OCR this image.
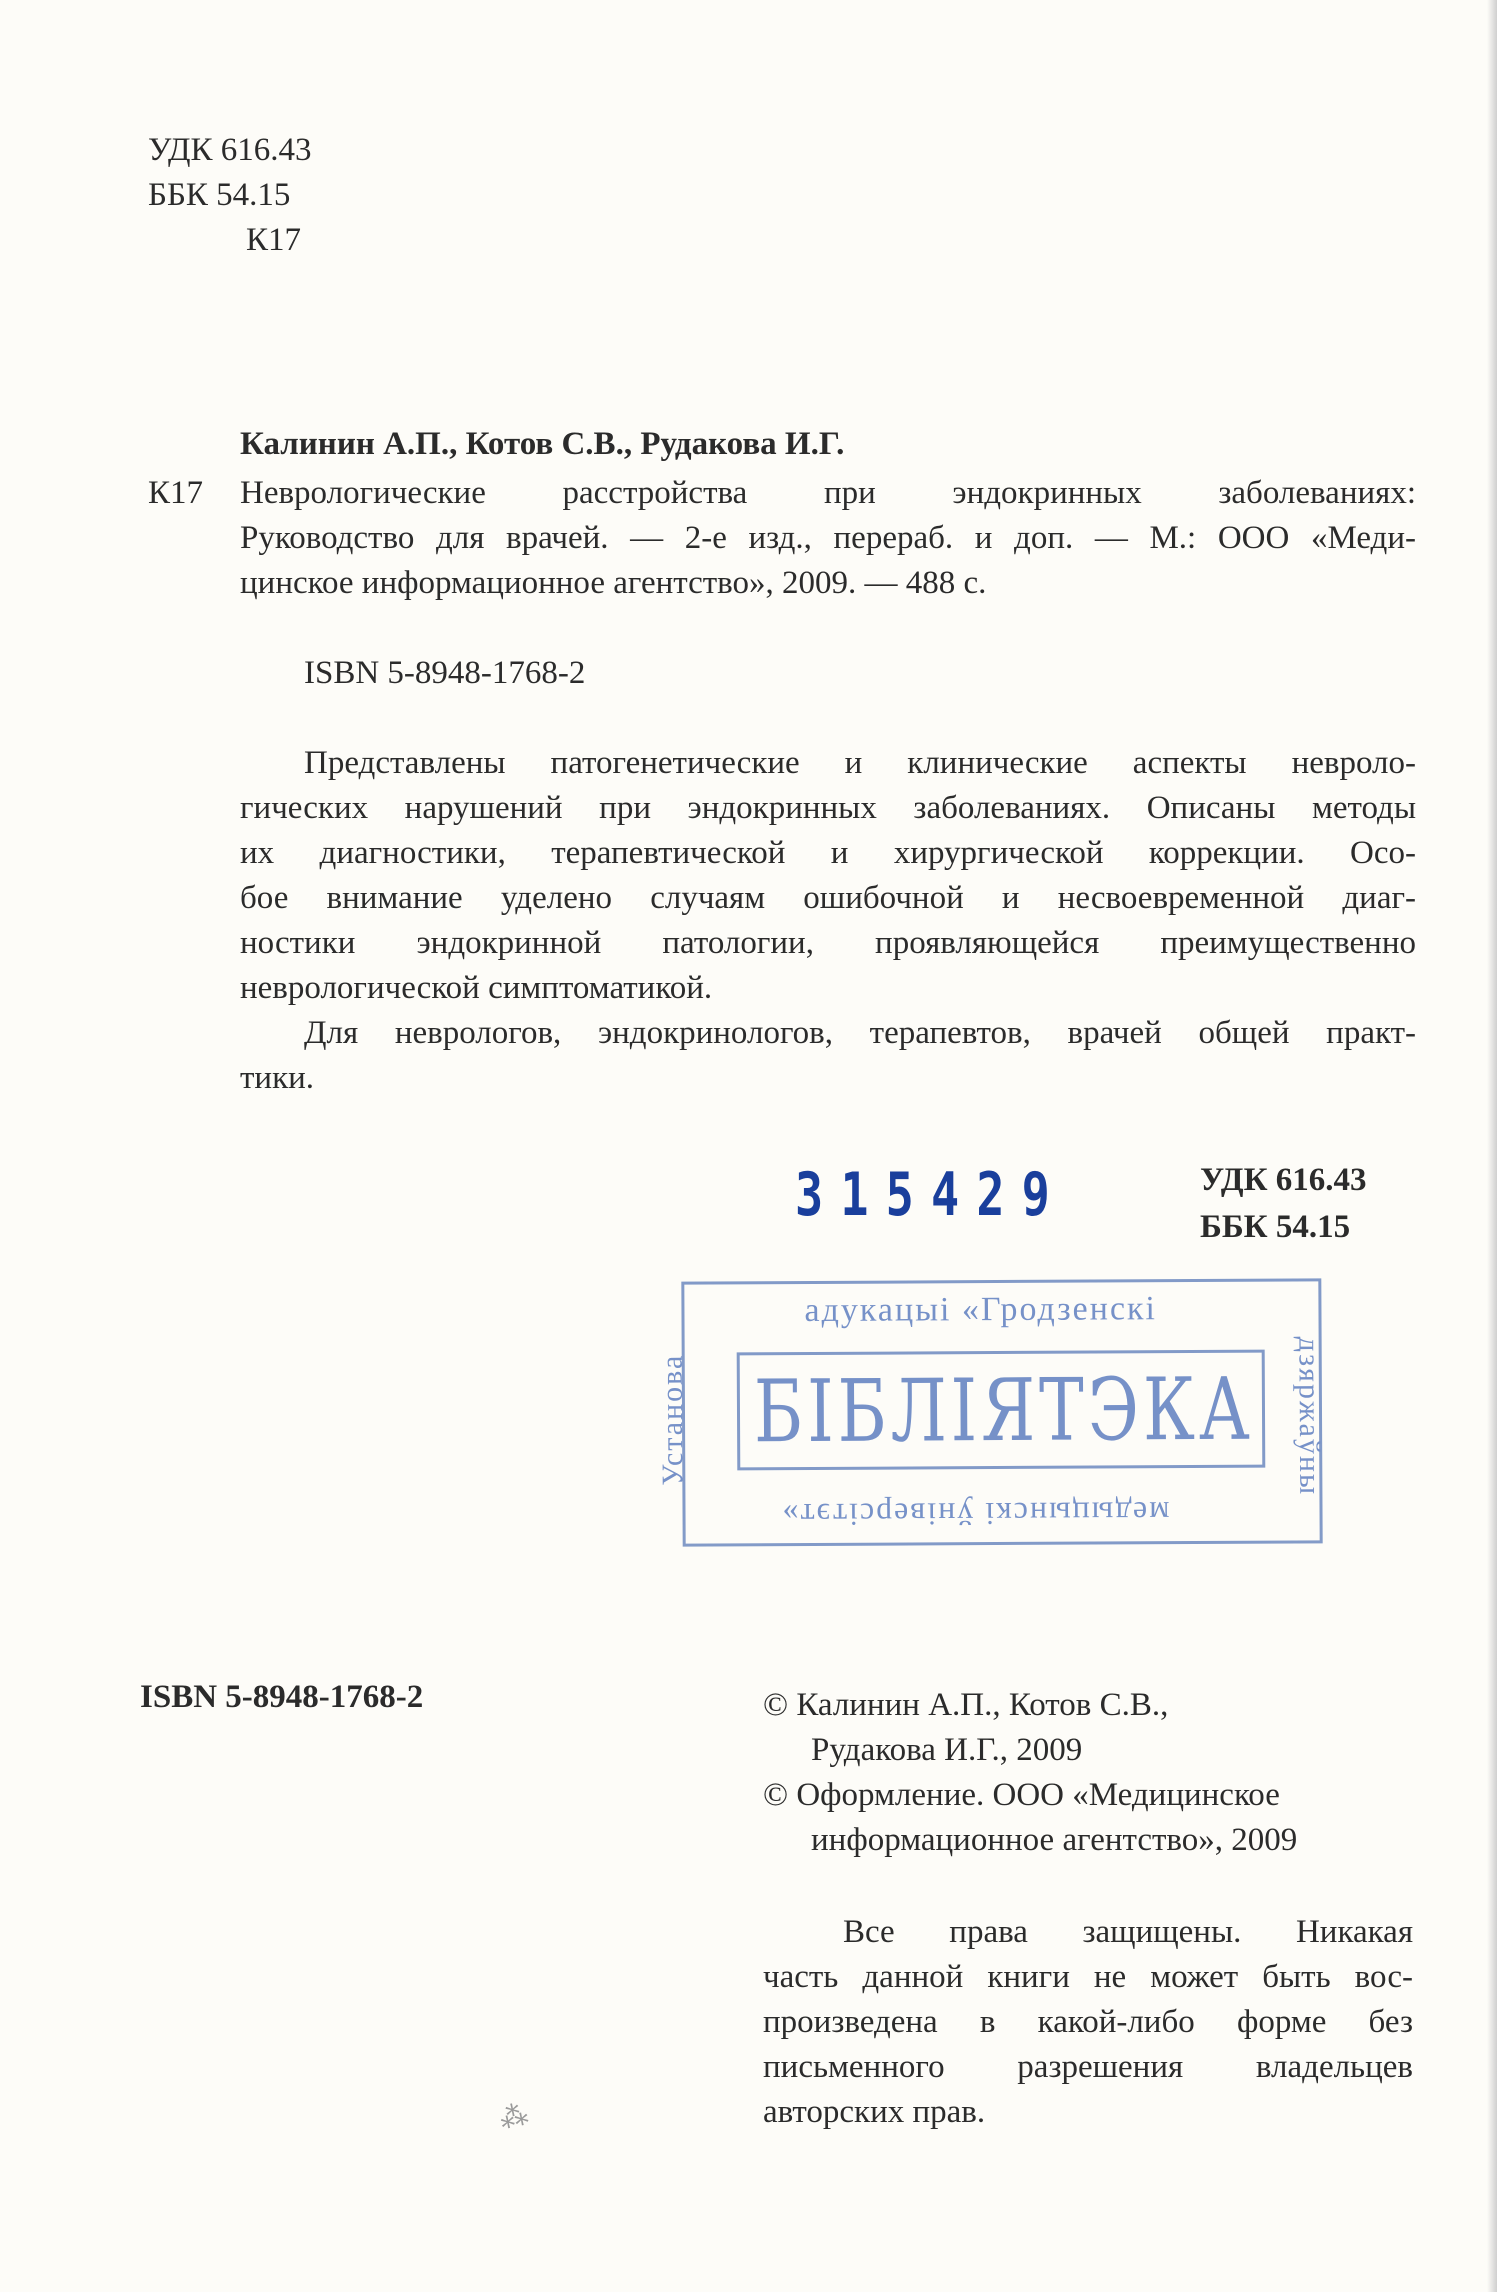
УДК 616.43
ББК 54.15
К17
Калинин А.П., Котов С.В., Рудакова И.Г.
К17 Неврологические расстройства при эндокринных заболеваниях:
Руководство для врачей. — 2-е изд., перераб. и доп. — М.: ООО «Меди-
цинское информационное агентство», 2009. — 488 с.
ISBN 5-8948-1768-2
Представлены патогенетические и клинические аспекты невроло-
гических нарушений при эндокринных заболеваниях. Описаны методы
их диагностики, терапевтической и хирургической коррекции. Осо-
бое внимание уделено случаям ошибочной и несвоевременной диаг-
ностики эндокринной патологии, проявляющейся преимущественно
неврологической симптоматикой.
Для неврологов, эндокринологов, терапевтов, врачей общей практ-
тики.
315429	УДК 616.43
ББК 54.15
адукацыі «Гродзенскі
Установа	дзяржаўны
БІБЛІЯТЭКА
медыцынскі ўніверсітэт»
ISBN 5-8948-1768-2	© Калинин А.П., Котов С.В.,
Рудакова И.Г., 2009
© Оформление. ООО «Медицинское
информационное агентство», 2009
Все права защищены. Никакая
часть данной книги не может быть вос-
произведена в какой-либо форме без
письменного разрешения владельцев
авторских прав.
⁂
